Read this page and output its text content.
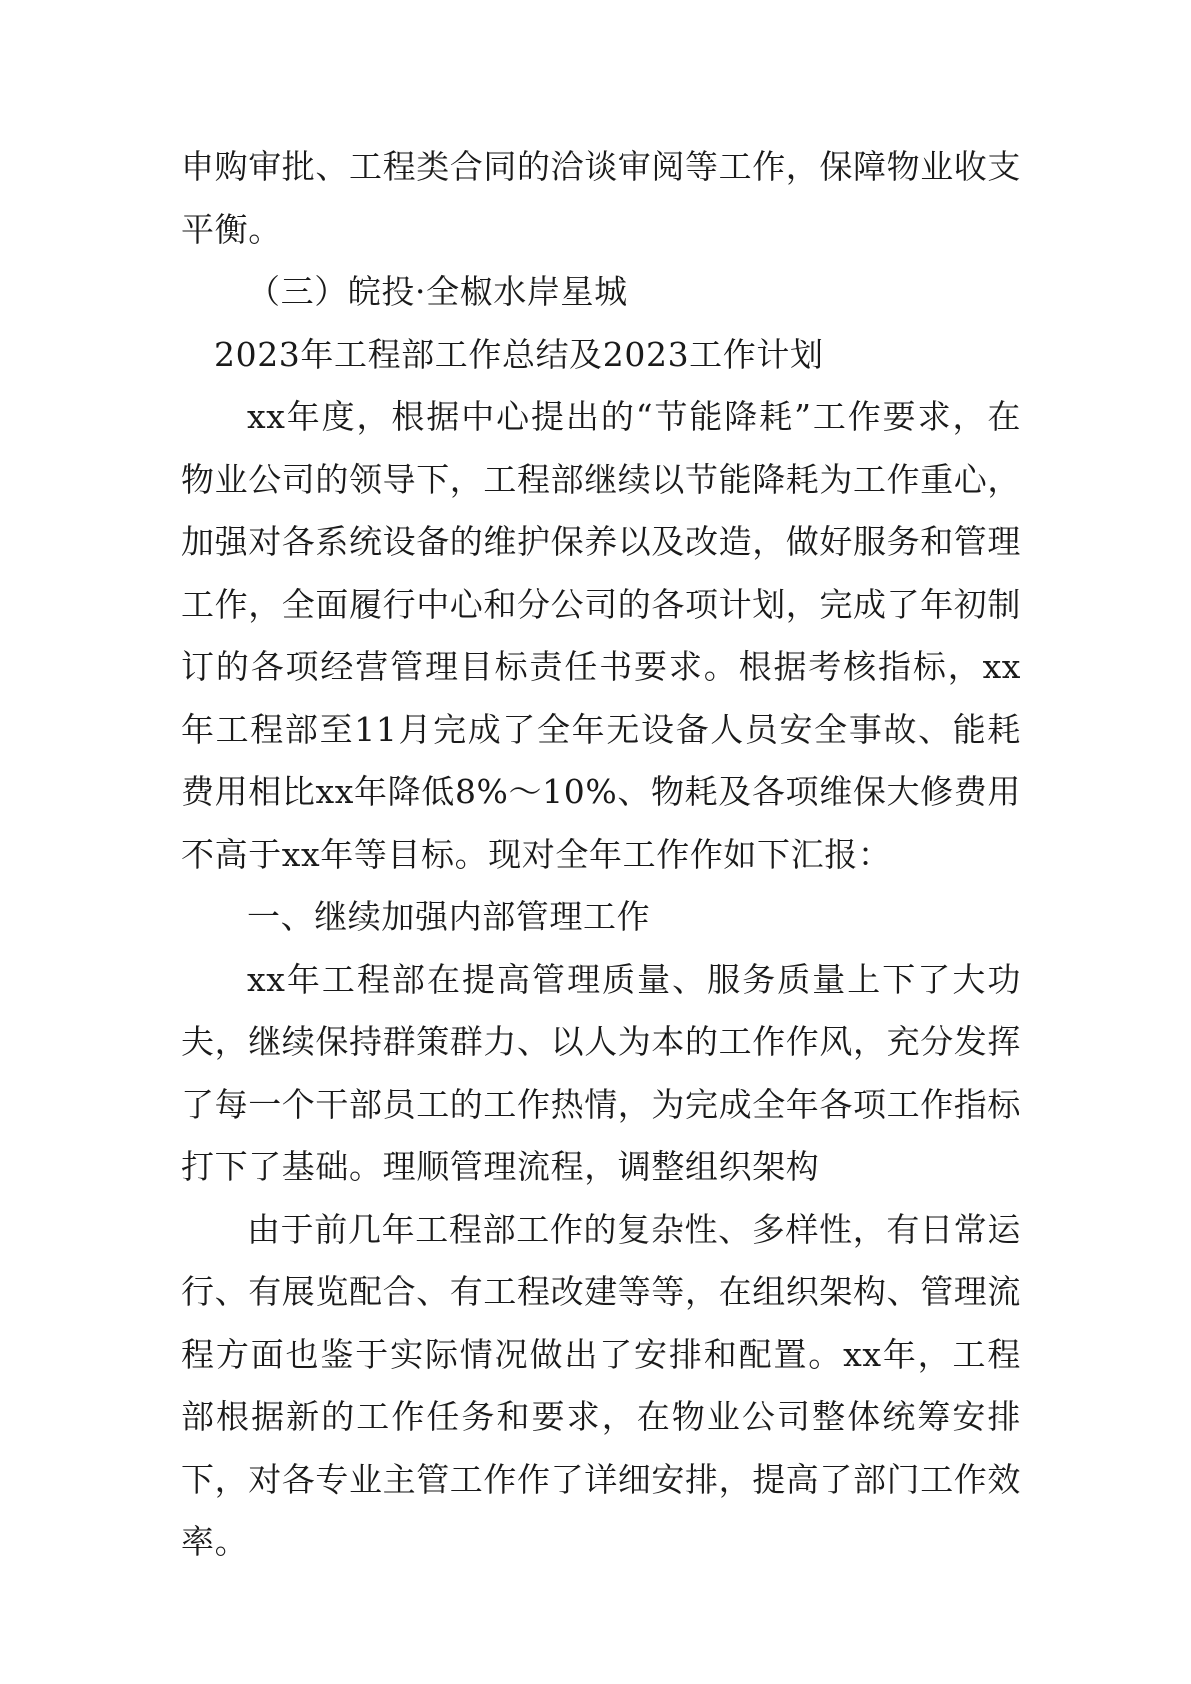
申购审批、工程类合同的洽谈审阅等工作，保障物业收支平衡。

（三）皖投·全椒水岸星城

2023年工程部工作总结及2023工作计划

xx年度，根据中心提出的“节能降耗”工作要求，在物业公司的领导下，工程部继续以节能降耗为工作重心，加强对各系统设备的维护保养以及改造，做好服务和管理工作，全面履行中心和分公司的各项计划，完成了年初制订的各项经营管理目标责任书要求。根据考核指标，xx年工程部至11月完成了全年无设备人员安全事故、能耗费用相比xx年降低8%～10%、物耗及各项维保大修费用不高于xx年等目标。现对全年工作作如下汇报：

一、继续加强内部管理工作

xx年工程部在提高管理质量、服务质量上下了大功夫，继续保持群策群力、以人为本的工作作风，充分发挥了每一个干部员工的工作热情，为完成全年各项工作指标打下了基础。理顺管理流程，调整组织架构

由于前几年工程部工作的复杂性、多样性，有日常运行、有展览配合、有工程改建等等，在组织架构、管理流程方面也鉴于实际情况做出了安排和配置。xx年，工程部根据新的工作任务和要求，在物业公司整体统筹安排下，对各专业主管工作作了详细安排，提高了部门工作效率。
